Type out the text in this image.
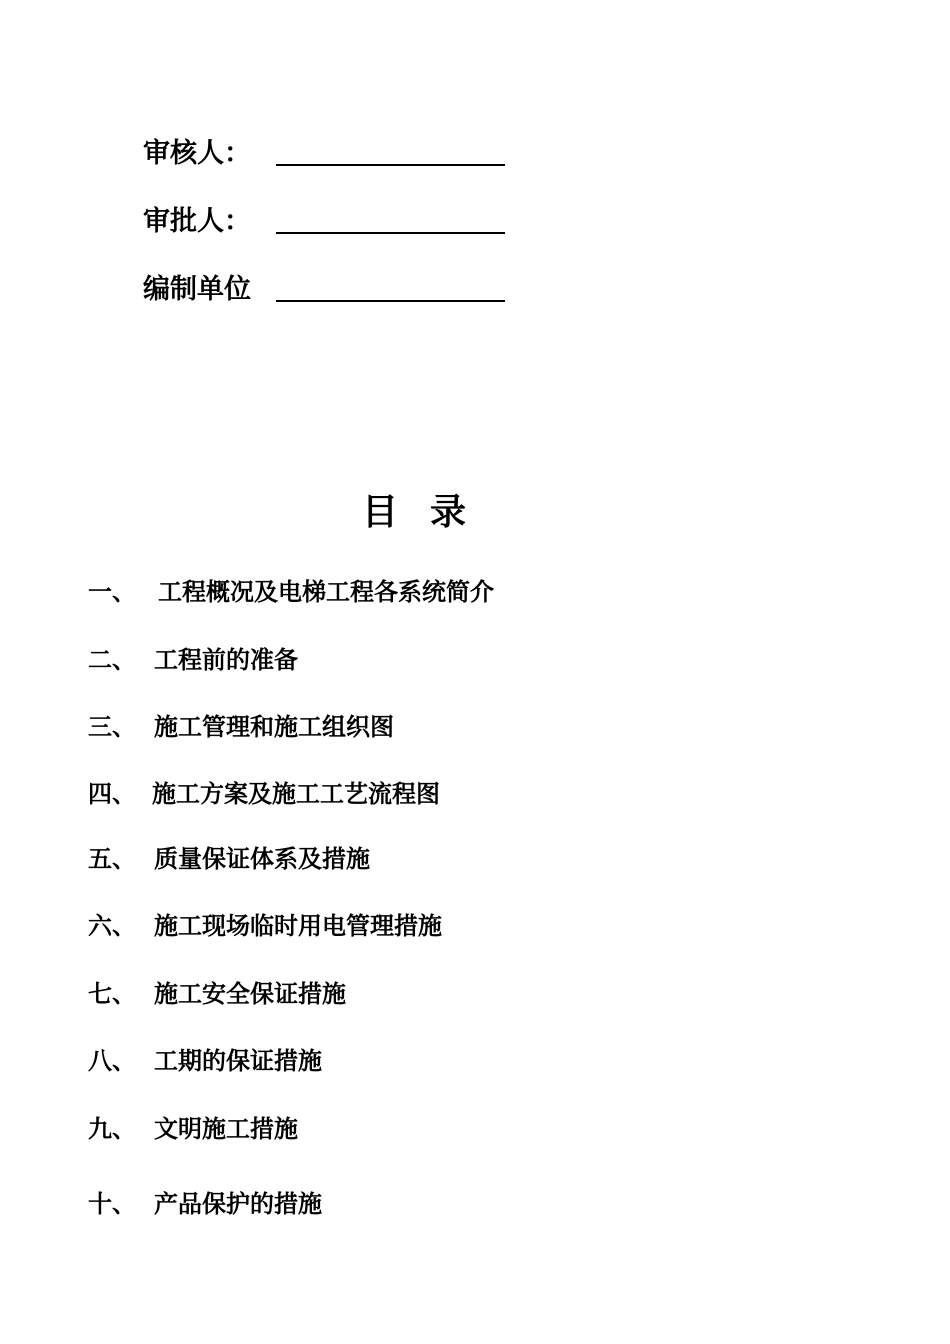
审核人：
审批人：
编制单位
目录
一、 工程概况及电梯工程各系统简介
二、 工程前的准备
三、 施工管理和施工组织图
四、 施工方案及施工工艺流程图
五、 质量保证体系及措施
六、 施工现场临时用电管理措施
七、 施工安全保证措施
八、 工期的保证措施
九、 文明施工措施
十、 产品保护的措施
